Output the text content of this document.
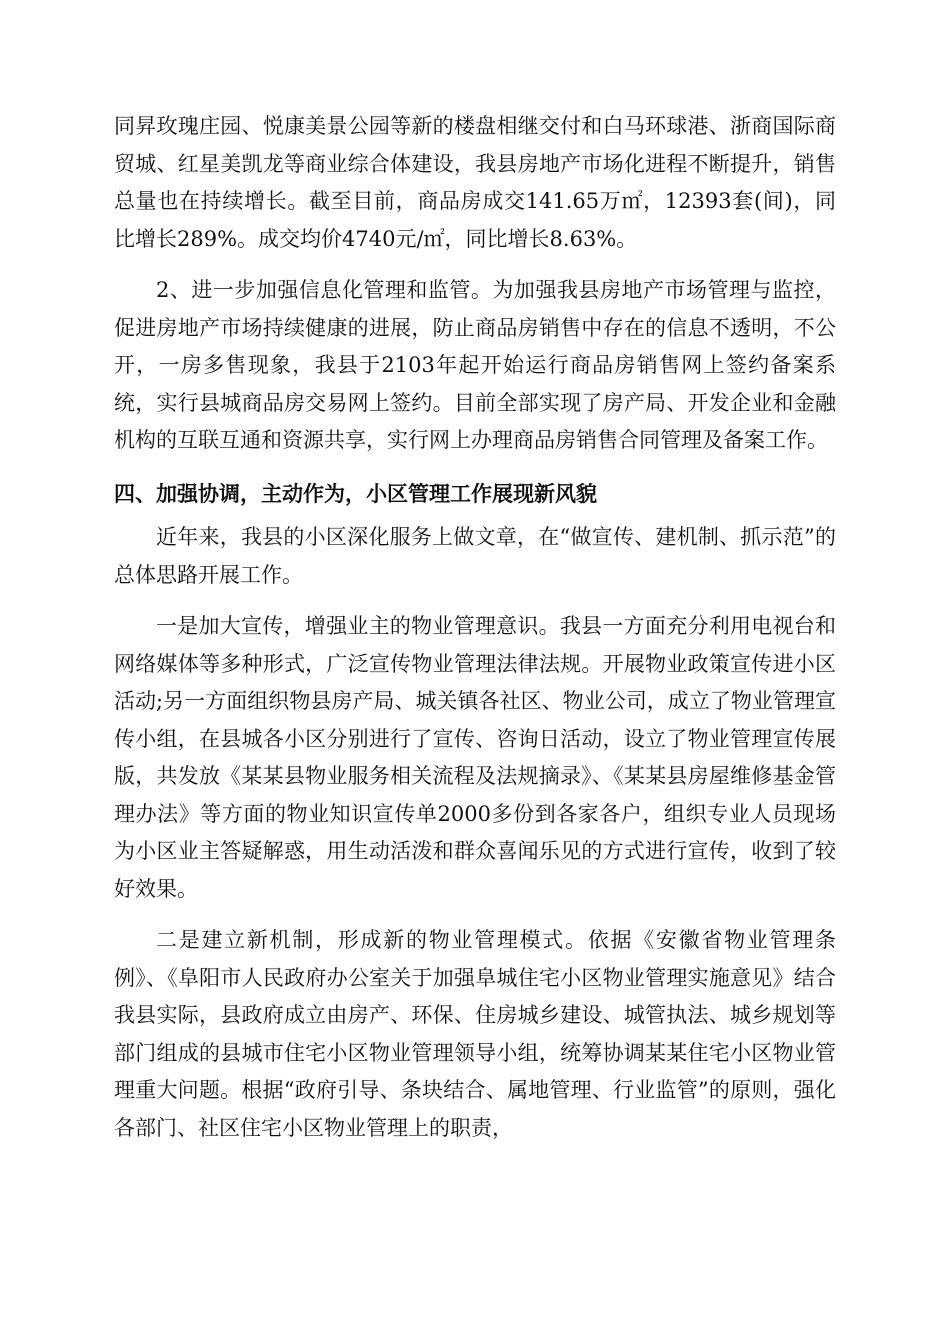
同昇玫瑰庄园、悦康美景公园等新的楼盘相继交付和白马环球港、浙商国际商贸城、红星美凯龙等商业综合体建设，我县房地产市场化进程不断提升，销售总量也在持续增长。截至目前，商品房成交141.65万㎡，12393套(间)，同比增长289%。成交均价4740元/㎡，同比增长8.63%。

2、进一步加强信息化管理和监管。为加强我县房地产市场管理与监控，促进房地产市场持续健康的进展，防止商品房销售中存在的信息不透明，不公开，一房多售现象，我县于2103年起开始运行商品房销售网上签约备案系统，实行县城商品房交易网上签约。目前全部实现了房产局、开发企业和金融机构的互联互通和资源共享，实行网上办理商品房销售合同管理及备案工作。

四、加强协调，主动作为，小区管理工作展现新风貌

近年来，我县的小区深化服务上做文章，在“做宣传、建机制、抓示范”的总体思路开展工作。

一是加大宣传，增强业主的物业管理意识。我县一方面充分利用电视台和网络媒体等多种形式，广泛宣传物业管理法律法规。开展物业政策宣传进小区活动;另一方面组织物县房产局、城关镇各社区、物业公司，成立了物业管理宣传小组，在县城各小区分别进行了宣传、咨询日活动，设立了物业管理宣传展版，共发放《某某县物业服务相关流程及法规摘录》、《某某县房屋维修基金管理办法》等方面的物业知识宣传单2000多份到各家各户，组织专业人员现场为小区业主答疑解惑，用生动活泼和群众喜闻乐见的方式进行宣传，收到了较好效果。

二是建立新机制，形成新的物业管理模式。依据《安徽省物业管理条例》、《阜阳市人民政府办公室关于加强阜城住宅小区物业管理实施意见》结合我县实际，县政府成立由房产、环保、住房城乡建设、城管执法、城乡规划等部门组成的县城市住宅小区物业管理领导小组，统筹协调某某住宅小区物业管理重大问题。根据“政府引导、条块结合、属地管理、行业监管”的原则，强化各部门、社区住宅小区物业管理上的职责，
